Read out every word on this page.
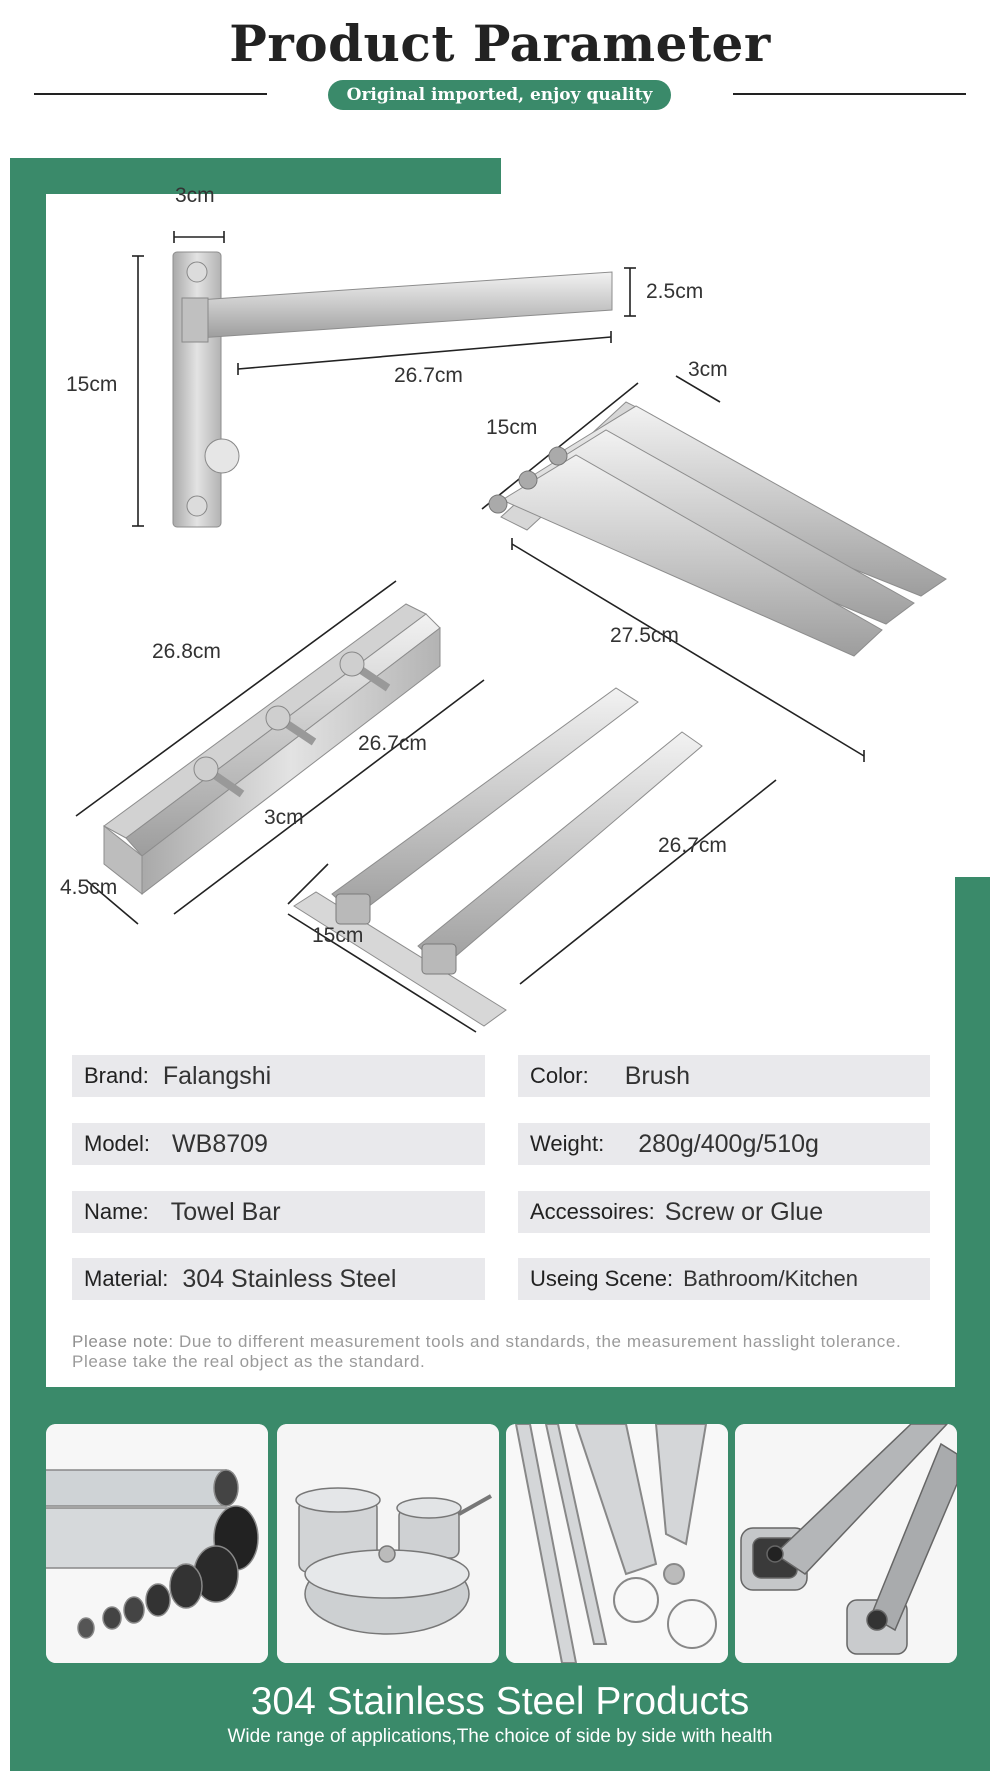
Product Parameter
Original imported, enjoy quality
3cm
15cm
2.5cm
26.7cm	3cm
15cm
27.5cm
26.8cm
26.7cm
4.5cm
3cm
26.7cm
15cm
Brand: Falangshi	Color: Brush
Model: WB8709	Weight: 280g/400g/510g
Name: Towel Bar	Accessoires: Screw or Glue
Material: 304 Stainless Steel	Useing Scene: Bathroom/Kitchen
Please note: Due to different measurement tools and standards, the measurement hasslight tolerance. Please take the real object as the standard.
304 Stainless Steel Products
Wide range of applications,The choice of side by side with health
